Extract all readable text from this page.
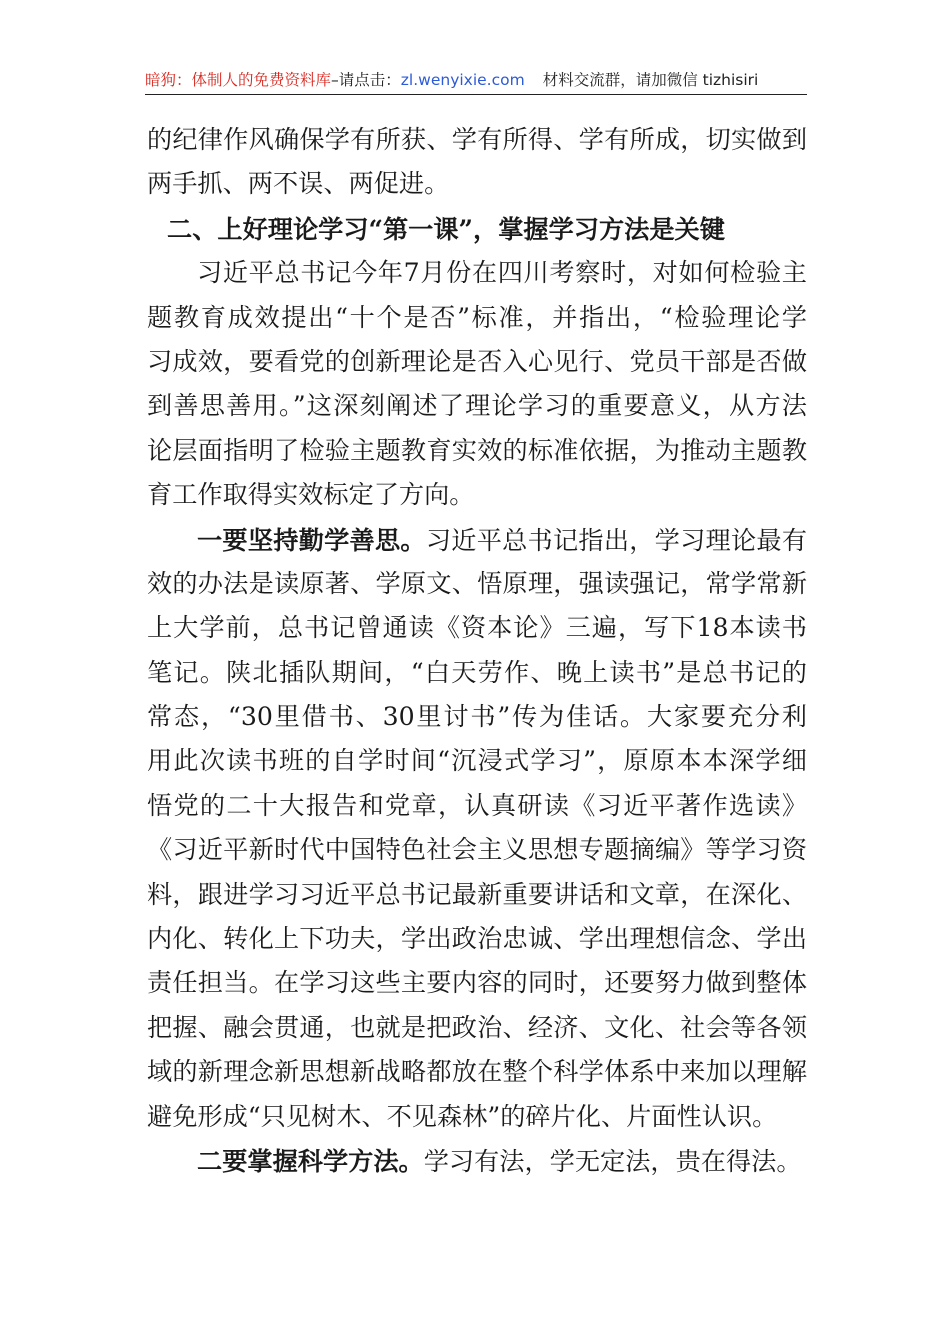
暗狗：体制人的免费资料库–请点击：zl.wenyixie.com 材料交流群，请加微信 tizhisiri
的纪律作风确保学有所获、学有所得、学有所成，切实做到
两手抓、两不误、两促进。
二、上好理论学习“第一课”，掌握学习方法是关键
习近平总书记今年7月份在四川考察时，对如何检验主
题教育成效提出“十个是否”标准，并指出，“检验理论学
习成效，要看党的创新理论是否入心见行、党员干部是否做
到善思善用。”这深刻阐述了理论学习的重要意义，从方法
论层面指明了检验主题教育实效的标准依据，为推动主题教
育工作取得实效标定了方向。
一要坚持勤学善思。习近平总书记指出，学习理论最有
效的办法是读原著、学原文、悟原理，强读强记，常学常新
上大学前，总书记曾通读《资本论》三遍，写下18本读书
笔记。陕北插队期间，“白天劳作、晚上读书”是总书记的
常态，“30里借书、30里讨书”传为佳话。大家要充分利
用此次读书班的自学时间“沉浸式学习”，原原本本深学细
悟党的二十大报告和党章，认真研读《习近平著作选读》
《习近平新时代中国特色社会主义思想专题摘编》等学习资
料，跟进学习习近平总书记最新重要讲话和文章，在深化、
内化、转化上下功夫，学出政治忠诚、学出理想信念、学出
责任担当。在学习这些主要内容的同时，还要努力做到整体
把握、融会贯通，也就是把政治、经济、文化、社会等各领
域的新理念新思想新战略都放在整个科学体系中来加以理解
避免形成“只见树木、不见森林”的碎片化、片面性认识。
二要掌握科学方法。学习有法，学无定法，贵在得法。
